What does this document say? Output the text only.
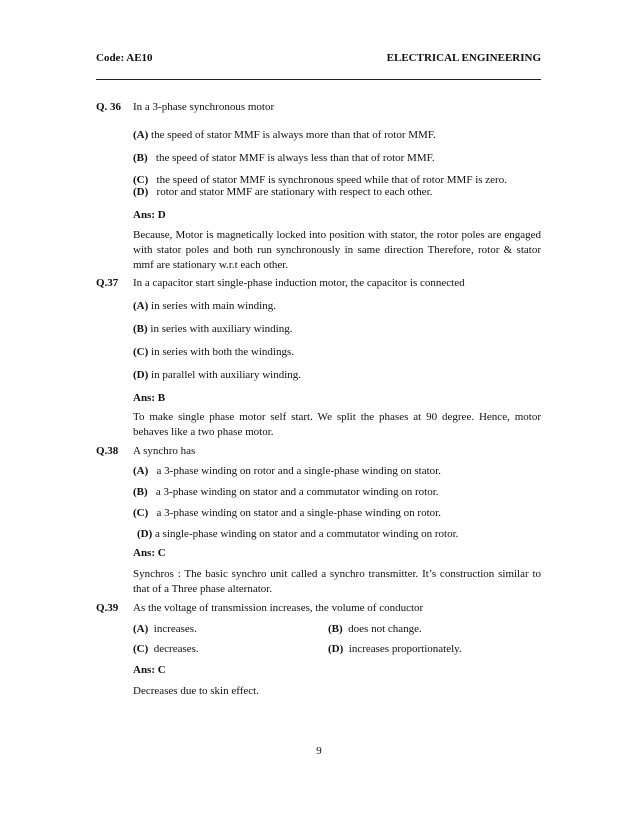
Code: AE10	ELECTRICAL ENGINEERING
Q. 36 In a 3-phase synchronous motor
(A) the speed of stator MMF is always more than that of rotor MMF.
(B) the speed of stator MMF is always less than that of rotor MMF.
(C) the speed of stator MMF is synchronous speed while that of rotor MMF is zero.
(D) rotor and stator MMF are stationary with respect to each other.
Ans: D
Because, Motor is magnetically locked into position with stator, the rotor poles are engaged with stator poles and both run synchronously in same direction Therefore, rotor & stator mmf are stationary w.r.t each other.
Q.37 In a capacitor start single-phase induction motor, the capacitor is connected
(A) in series with main winding.
(B) in series with auxiliary winding.
(C) in series with both the windings.
(D) in parallel with auxiliary winding.
Ans: B
To make single phase motor self start. We split the phases at 90 degree. Hence, motor behaves like a two phase motor.
Q.38 A synchro has
(A) a 3-phase winding on rotor and a single-phase winding on stator.
(B) a 3-phase winding on stator and a commutator winding on rotor.
(C) a 3-phase winding on stator and a single-phase winding on rotor.
(D) a single-phase winding on stator and a commutator winding on rotor.
Ans: C
Synchros : The basic synchro unit called a synchro transmitter. It’s construction similar to that of a Three phase alternator.
Q.39 As the voltage of transmission increases, the volume of conductor
(A) increases.	(B) does not change.
(C) decreases.	(D) increases proportionately.
Ans: C
Decreases due to skin effect.
9
